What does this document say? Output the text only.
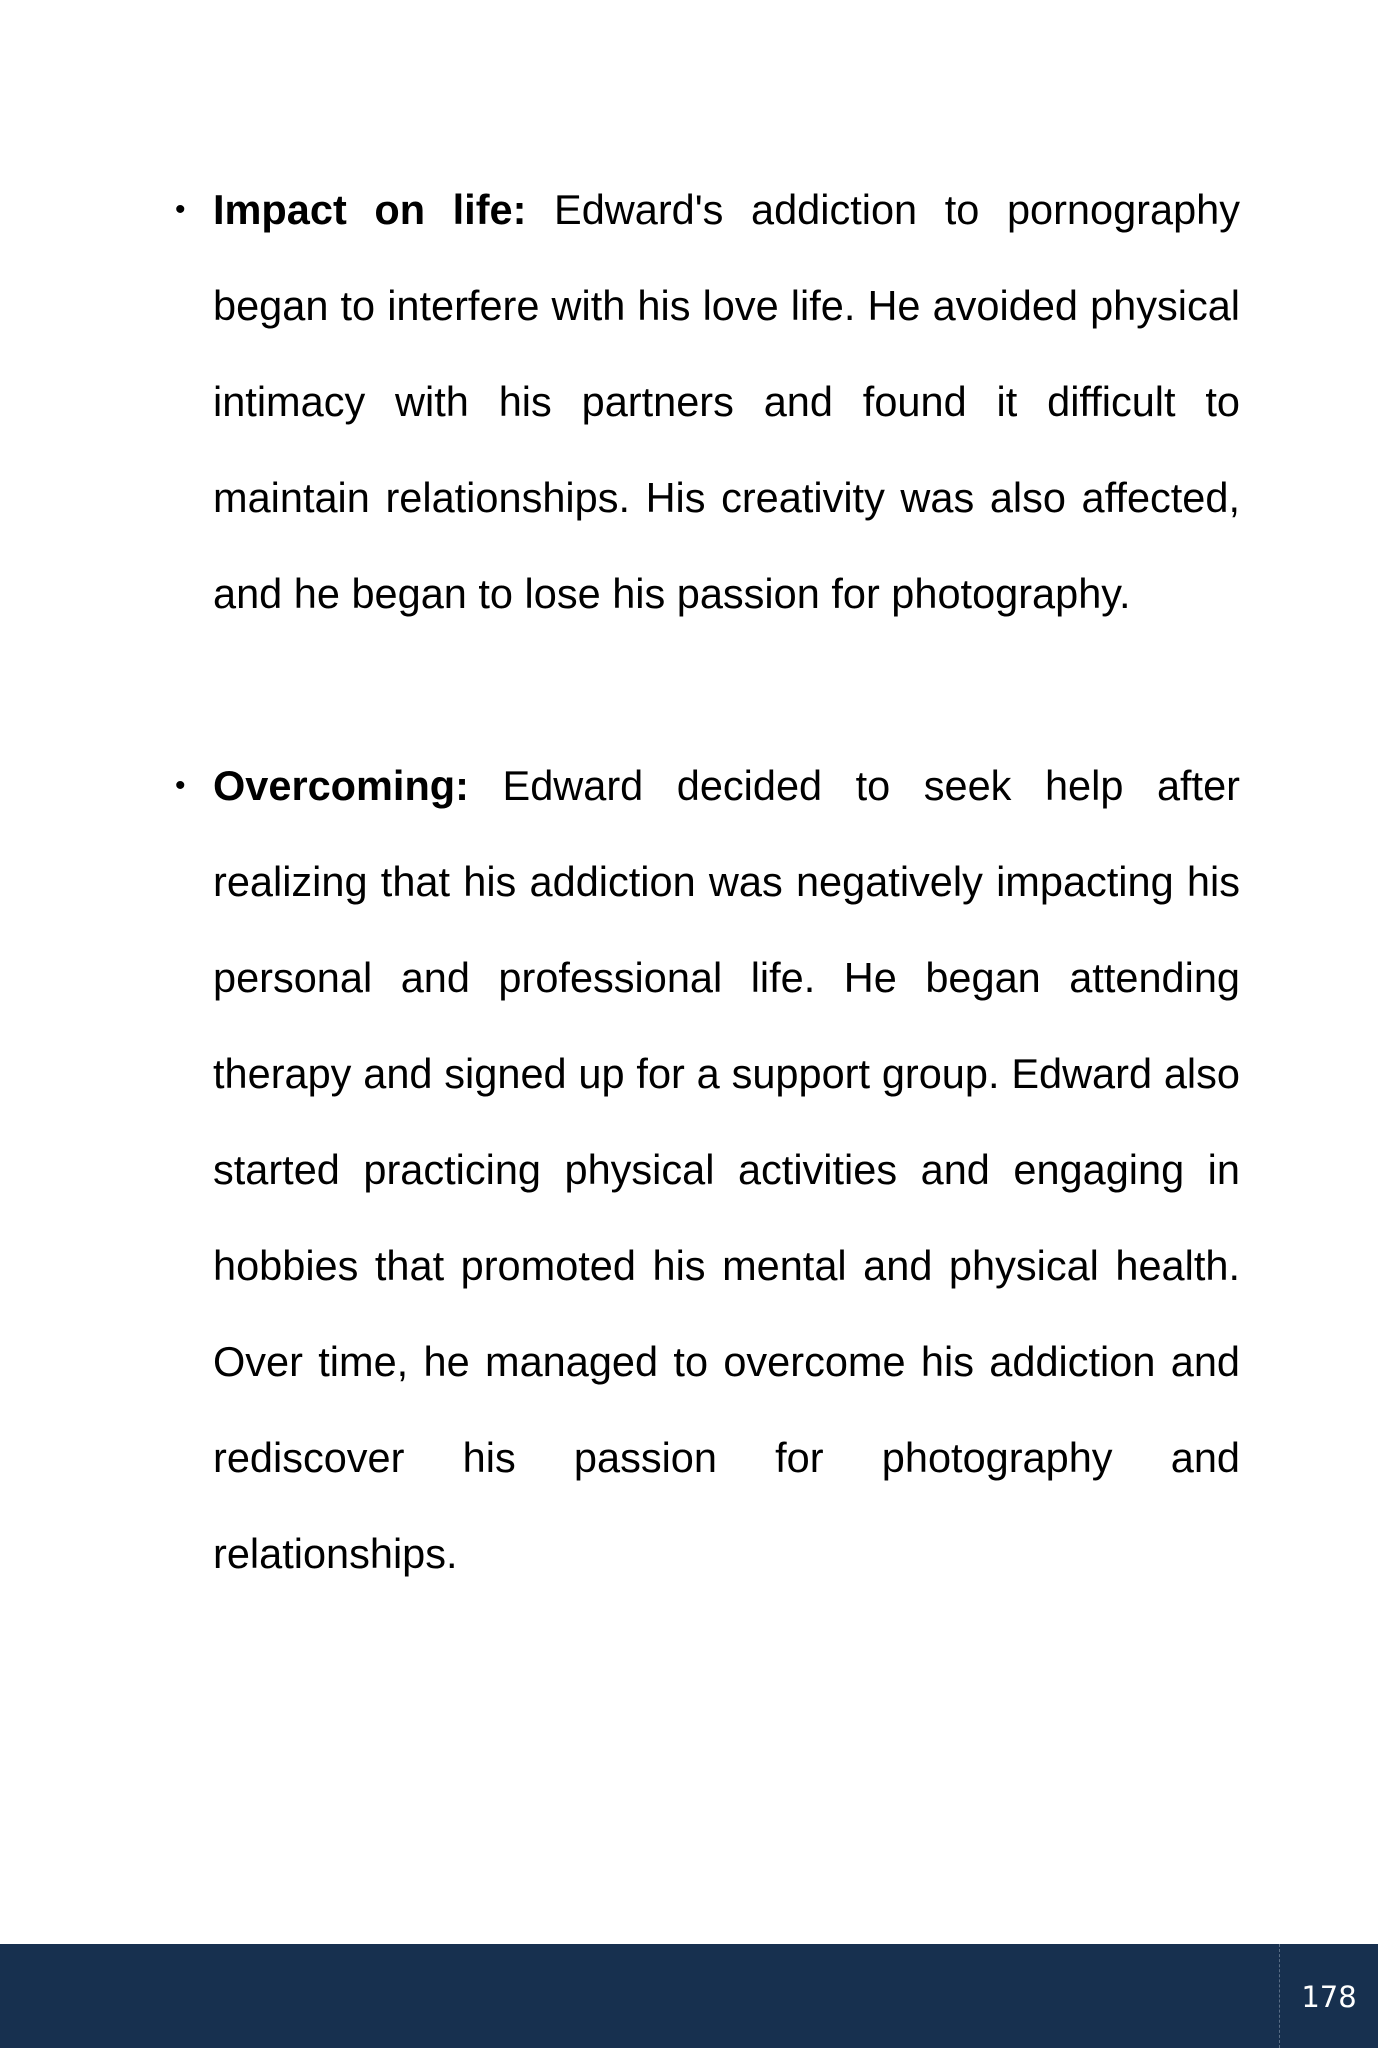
• Impact on life: Edward's addiction to pornography began to interfere with his love life. He avoided physical intimacy with his partners and found it difficult to maintain relationships. His creativity was also affected, and he began to lose his passion for photography.

• Overcoming: Edward decided to seek help after realizing that his addiction was negatively impacting his personal and professional life. He began attending therapy and signed up for a support group. Edward also started practicing physical activities and engaging in hobbies that promoted his mental and physical health. Over time, he managed to overcome his addiction and rediscover his passion for photography and relationships.

178
